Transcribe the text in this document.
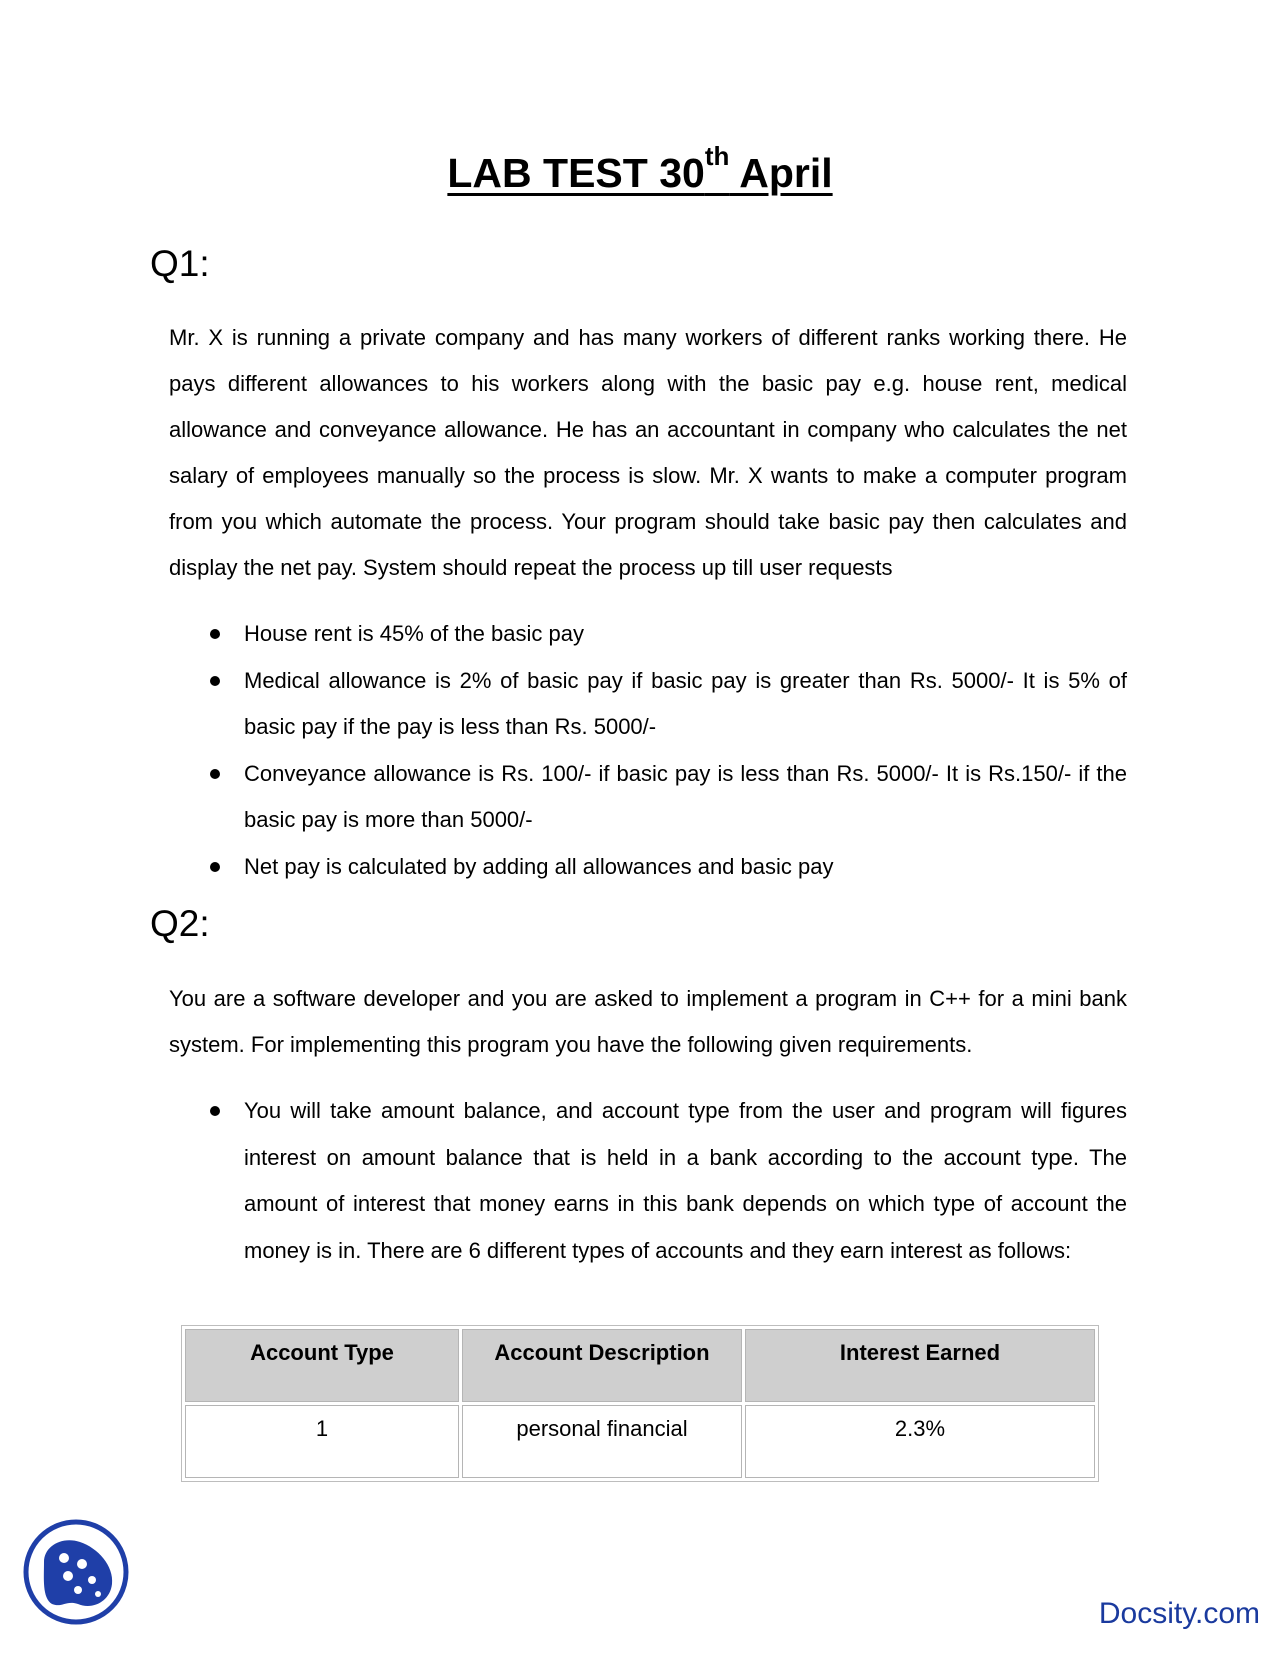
LAB TEST 30th April
Q1:

Mr. X is running a private company and has many workers of different ranks working there. He pays different allowances to his workers along with the basic pay e.g. house rent, medical allowance and conveyance allowance. He has an accountant in company who calculates the net salary of employees manually so the process is slow. Mr. X wants to make a computer program from you which automate the process. Your program should take basic pay then calculates and display the net pay. System should repeat the process up till user requests

House rent is 45% of the basic pay
Medical allowance is 2% of basic pay if basic pay is greater than Rs. 5000/- It is 5% of basic pay if the pay is less than Rs. 5000/-
Conveyance allowance is Rs. 100/- if basic pay is less than Rs. 5000/- It is Rs.150/- if the basic pay is more than 5000/-
Net pay is calculated by adding all allowances and basic pay
Q2:

You are a software developer and you are asked to implement a program in C++ for a mini bank system. For implementing this program you have the following given requirements.

You will take amount balance, and account type from the user and program will figures interest on amount balance that is held in a bank according to the account type. The amount of interest that money earns in this bank depends on which type of account the money is in. There are 6 different types of accounts and they earn interest as follows:
Account Type	Account Description	Interest Earned
1	personal financial	2.3%
Docsity.com
